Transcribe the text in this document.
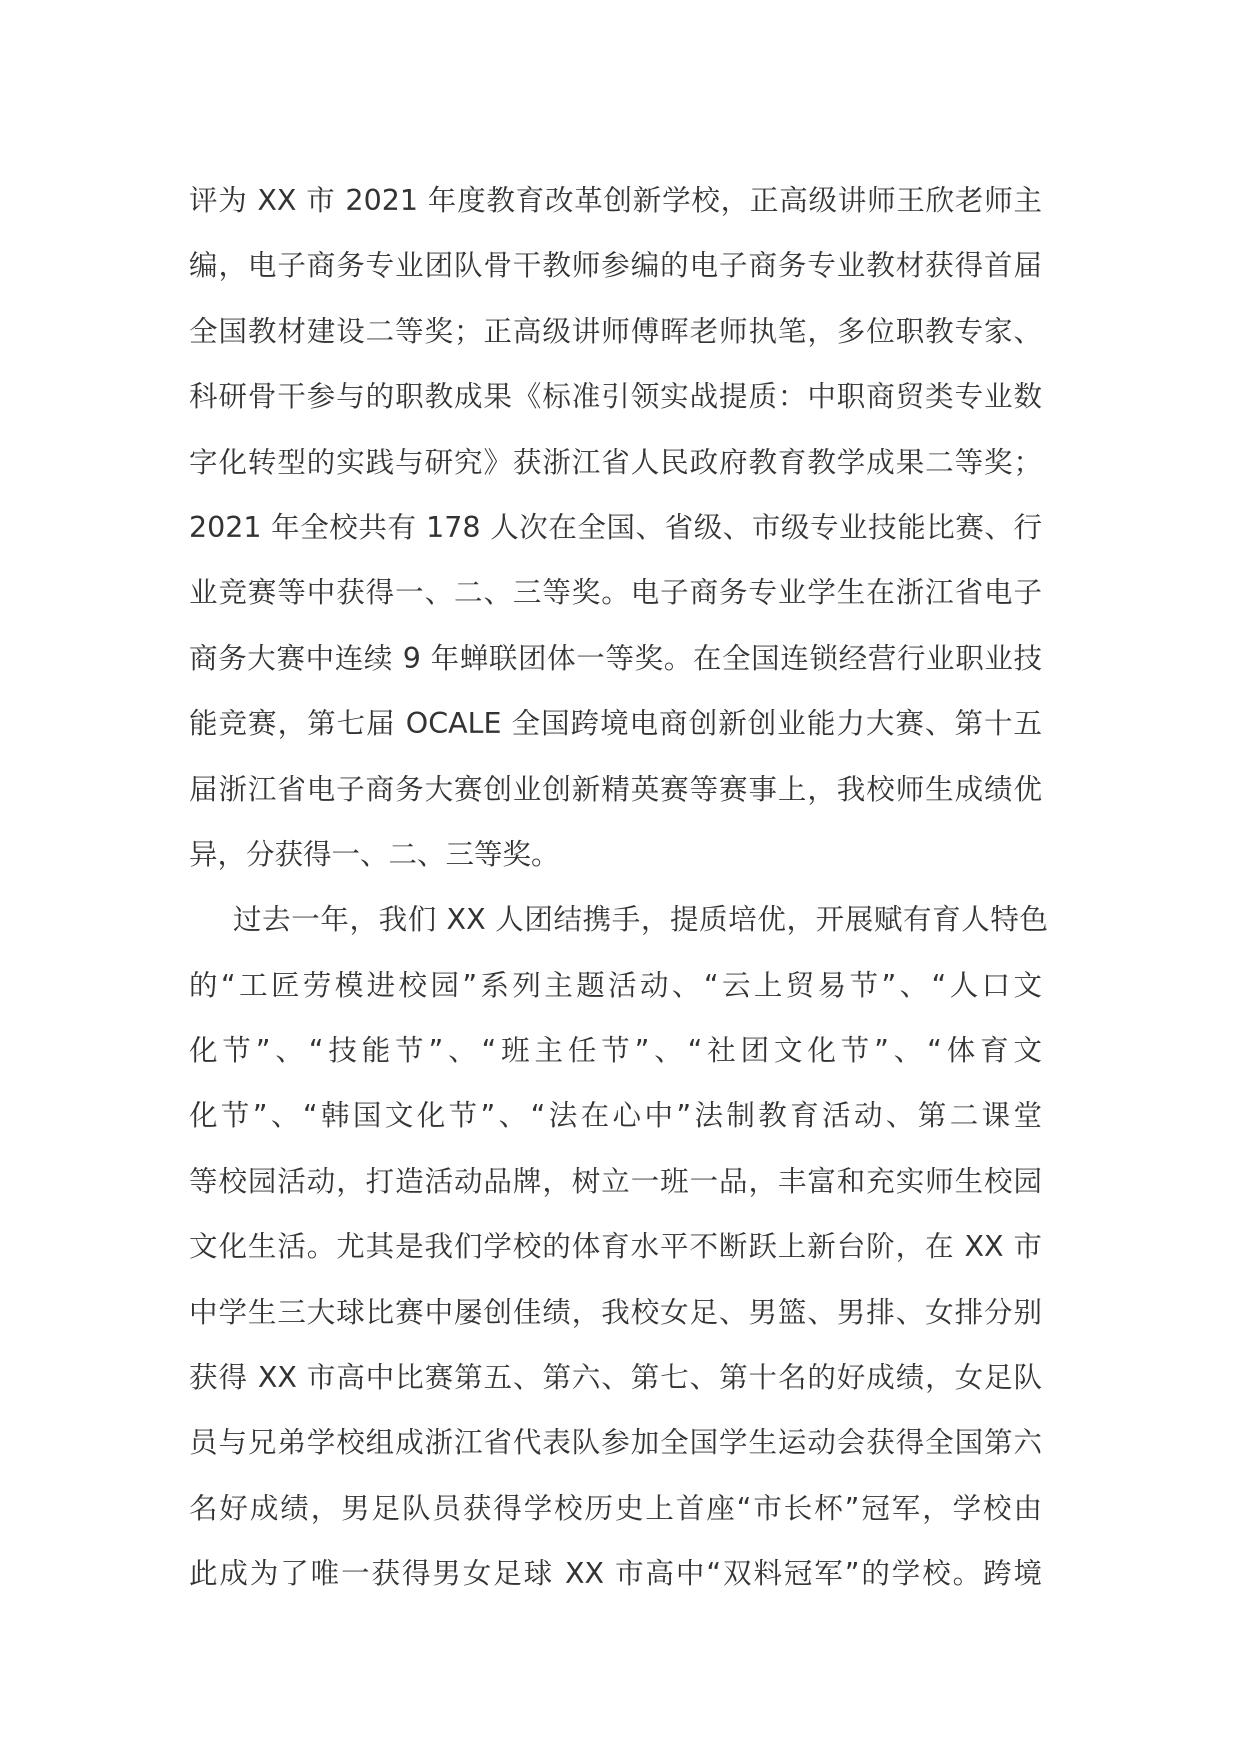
评为 XX 市 2021 年度教育改革创新学校，正高级讲师王欣老师主
编，电子商务专业团队骨干教师参编的电子商务专业教材获得首届
全国教材建设二等奖；正高级讲师傅晖老师执笔，多位职教专家、
科研骨干参与的职教成果《标准引领实战提质：中职商贸类专业数
字化转型的实践与研究》获浙江省人民政府教育教学成果二等奖；
2021 年全校共有 178 人次在全国、省级、市级专业技能比赛、行
业竞赛等中获得一、二、三等奖。电子商务专业学生在浙江省电子
商务大赛中连续 9 年蝉联团体一等奖。在全国连锁经营行业职业技
能竞赛，第七届 OCALE 全国跨境电商创新创业能力大赛、第十五
届浙江省电子商务大赛创业创新精英赛等赛事上，我校师生成绩优
异，分获得一、二、三等奖。
过去一年，我们 XX 人团结携手，提质培优，开展赋有育人特色
的“工匠劳模进校园”系列主题活动、“云上贸易节”、“人口文
化节”、“技能节”、“班主任节”、“社团文化节”、“体育文
化节”、“韩国文化节”、“法在心中”法制教育活动、第二课堂
等校园活动，打造活动品牌，树立一班一品，丰富和充实师生校园
文化生活。尤其是我们学校的体育水平不断跃上新台阶，在 XX 市
中学生三大球比赛中屡创佳绩，我校女足、男篮、男排、女排分别
获得 XX 市高中比赛第五、第六、第七、第十名的好成绩，女足队
员与兄弟学校组成浙江省代表队参加全国学生运动会获得全国第六
名好成绩，男足队员获得学校历史上首座“市长杯”冠军，学校由
此成为了唯一获得男女足球 XX 市高中“双料冠军”的学校。跨境
